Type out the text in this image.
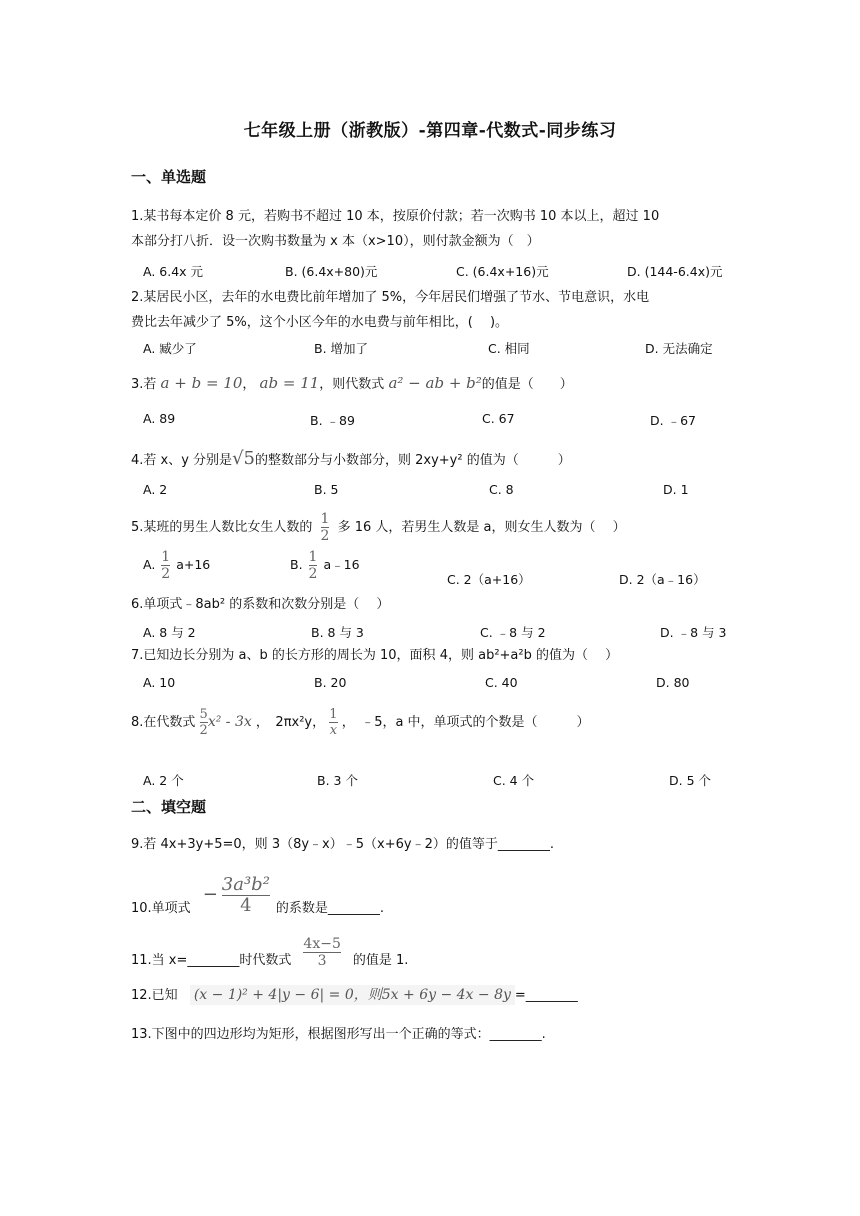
七年级上册（浙教版）-第四章-代数式-同步练习
一、单选题
1.某书每本定价 8 元，若购书不超过 10 本，按原价付款；若一次购书 10 本以上，超过 10
本部分打八折．设一次购书数量为 x 本（x>10），则付款金额为（　）
A. 6.4x 元	B. (6.4x+80)元	C. (6.4x+16)元	D. (144-6.4x)元
2.某居民小区，去年的水电费比前年增加了 5%，今年居民们增强了节水、节电意识，水电
费比去年减少了 5%，这个小区今年的水电费与前年相比，(　 )。
A. 臧少了	B. 增加了	C. 相同	D. 无法确定
3.若 a + b = 10， ab = 11，则代数式 a² − ab + b²的值是（　　）
A. 89	B. ﹣89	C. 67	D. ﹣67
4.若 x、y 分别是√5的整数部分与小数部分，则 2xy+y² 的值为（　　　）
A. 2	B. 5	C. 8	D. 1
5.某班的男生人数比女生人数的 $\frac{1}{2}$ 多 16 人，若男生人数是 a，则女生人数为（　 ）
A. $\frac{1}{2} a+16$	B. $\frac{1}{2}$ a﹣16
C. 2（a+16）	D. 2（a﹣16）
6.单项式﹣8ab² 的系数和次数分别是（　 ）
A. 8 与 2	B. 8 与 3	C. ﹣8 与 2	D. ﹣8 与 3
7.已知边长分别为 a、b 的长方形的周长为 10，面积 4，则 ab²+a²b 的值为（　 ）
A. 10	B. 20	C. 40	D. 80
8.在代数式 $\frac{5}{2} x^2 - 3x$ ，　2πx²y， $\frac{1}{x}$ ，　﹣5，a 中，单项式的个数是（　　　）
A. 2 个	B. 3 个	C. 4 个	D. 5 个
二、填空题
9.若 4x+3y+5=0，则 3（8y﹣x）﹣5（x+6y﹣2）的值等于________.
10.单项式
− $\frac{\text{3a³b²}}{4}$ 的系数是________.
11.当 x=________时代数式 $\frac{4x-5}{3}$ 的值是 1.
12.已知 (x − 1)² + 4|y − 6| = 0，则5x + 6y − 4x − 8y =________
13.下图中的四边形均为矩形，根据图形写出一个正确的等式：________.
